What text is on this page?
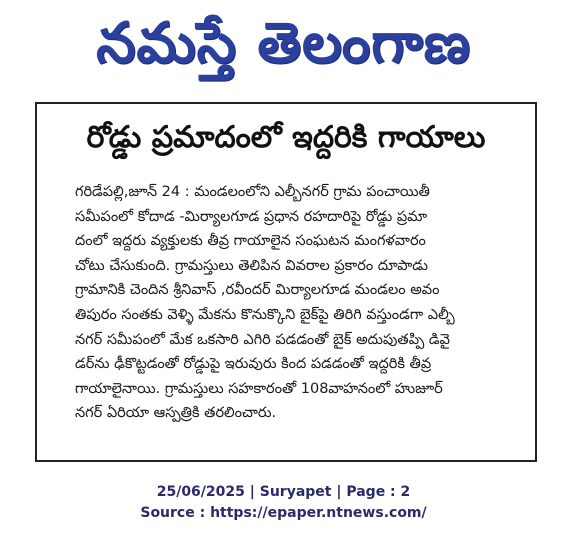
నమస్తే తెలంగాణ
రోడ్డు ప్రమాదంలో ఇద్దరికి గాయాలు
గరిడేపల్లి,జూన్ 24 : మండలంలోని ఎల్బీనగర్ గ్రామ పంచాయితీ
సమీపంలో కోదాడ -మిర్యాలగూడ ప్రధాన రహదారిపై రోడ్డు ప్రమా
దంలో ఇద్దరు వ్యక్తులకు తీవ్ర గాయాలైన సంఘటన మంగళవారం
చోటు చేసుకుంది. గ్రామస్తులు తెలిపిన వివరాల ప్రకారం దూపాడు
గ్రామానికి చెందిన శ్రీనివాస్ ,రవీందర్ మిర్యాలగూడ మండలం అవం
తిపురం సంతకు వెళ్ళి మేకను కొనుక్కొని బైక్‌పై తిరిగి వస్తుండగా ఎల్బీ
నగర్ సమీపంలో మేక ఒకసారి ఎగిరి పడడంతో బైక్ అదుపుతప్పి డివై
డర్‌ను ఢీకొట్టడంతో రోడ్డుపై ఇరువురు కింద పడడంతో ఇద్దరికి తీవ్ర
గాయాలైనాయి. గ్రామస్తులు సహకారంతో 108వాహనంలో హుజూర్
నగర్ ఏరియా ఆస్పత్రికి తరలించారు.
25/06/2025 | Suryapet | Page : 2
Source : https://epaper.ntnews.com/
